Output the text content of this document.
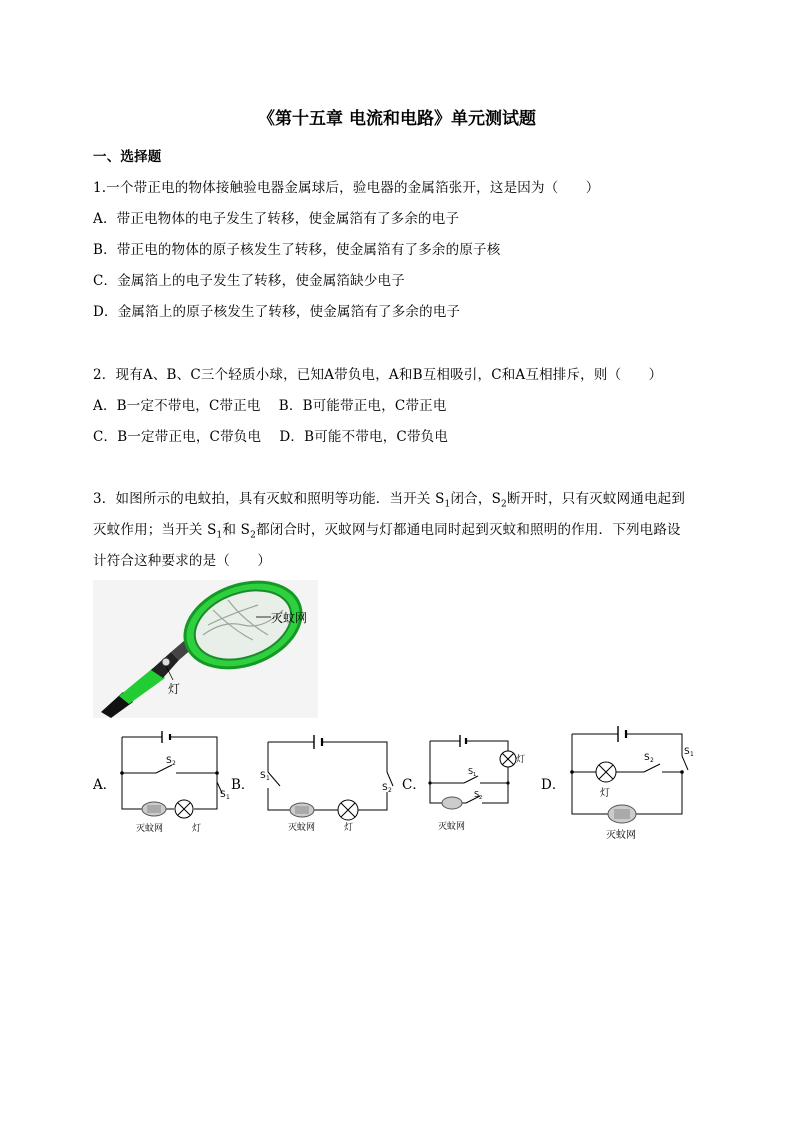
《第十五章 电流和电路》单元测试题
一、选择题
1.一个带正电的物体接触验电器金属球后，验电器的金属箔张开，这是因为（　　）
A．带正电物体的电子发生了转移，使金属箔有了多余的电子
B．带正电的物体的原子核发生了转移，使金属箔有了多余的原子核
C．金属箔上的电子发生了转移，使金属箔缺少电子
D．金属箔上的原子核发生了转移，使金属箔有了多余的电子
2．现有A、B、C三个轻质小球，已知A带负电，A和B互相吸引，C和A互相排斥，则（　　）
A．B一定不带电，C带正电　 B．B可能带正电，C带正电
C．B一定带正电，C带负电　 D．B可能不带电，C带负电
3．如图所示的电蚊拍，具有灭蚊和照明等功能．当开关 $S_1$闭合，$S_2$断开时，只有灭蚊网通电起到
灭蚊作用；当开关 $S_1$和 $S_2$都闭合时，灭蚊网与灯都通电同时起到灭蚊和照明的作用．下列电路设
计符合这种要求的是（　　）
灭蚊网
灯
A．	B．	C．	D．
S 2
S 1
灭蚊网	灯
S 1
S 2
灭蚊网	灯
灯
S 1
S 2
灭蚊网
S 1
S 2
灯
灭蚊网
